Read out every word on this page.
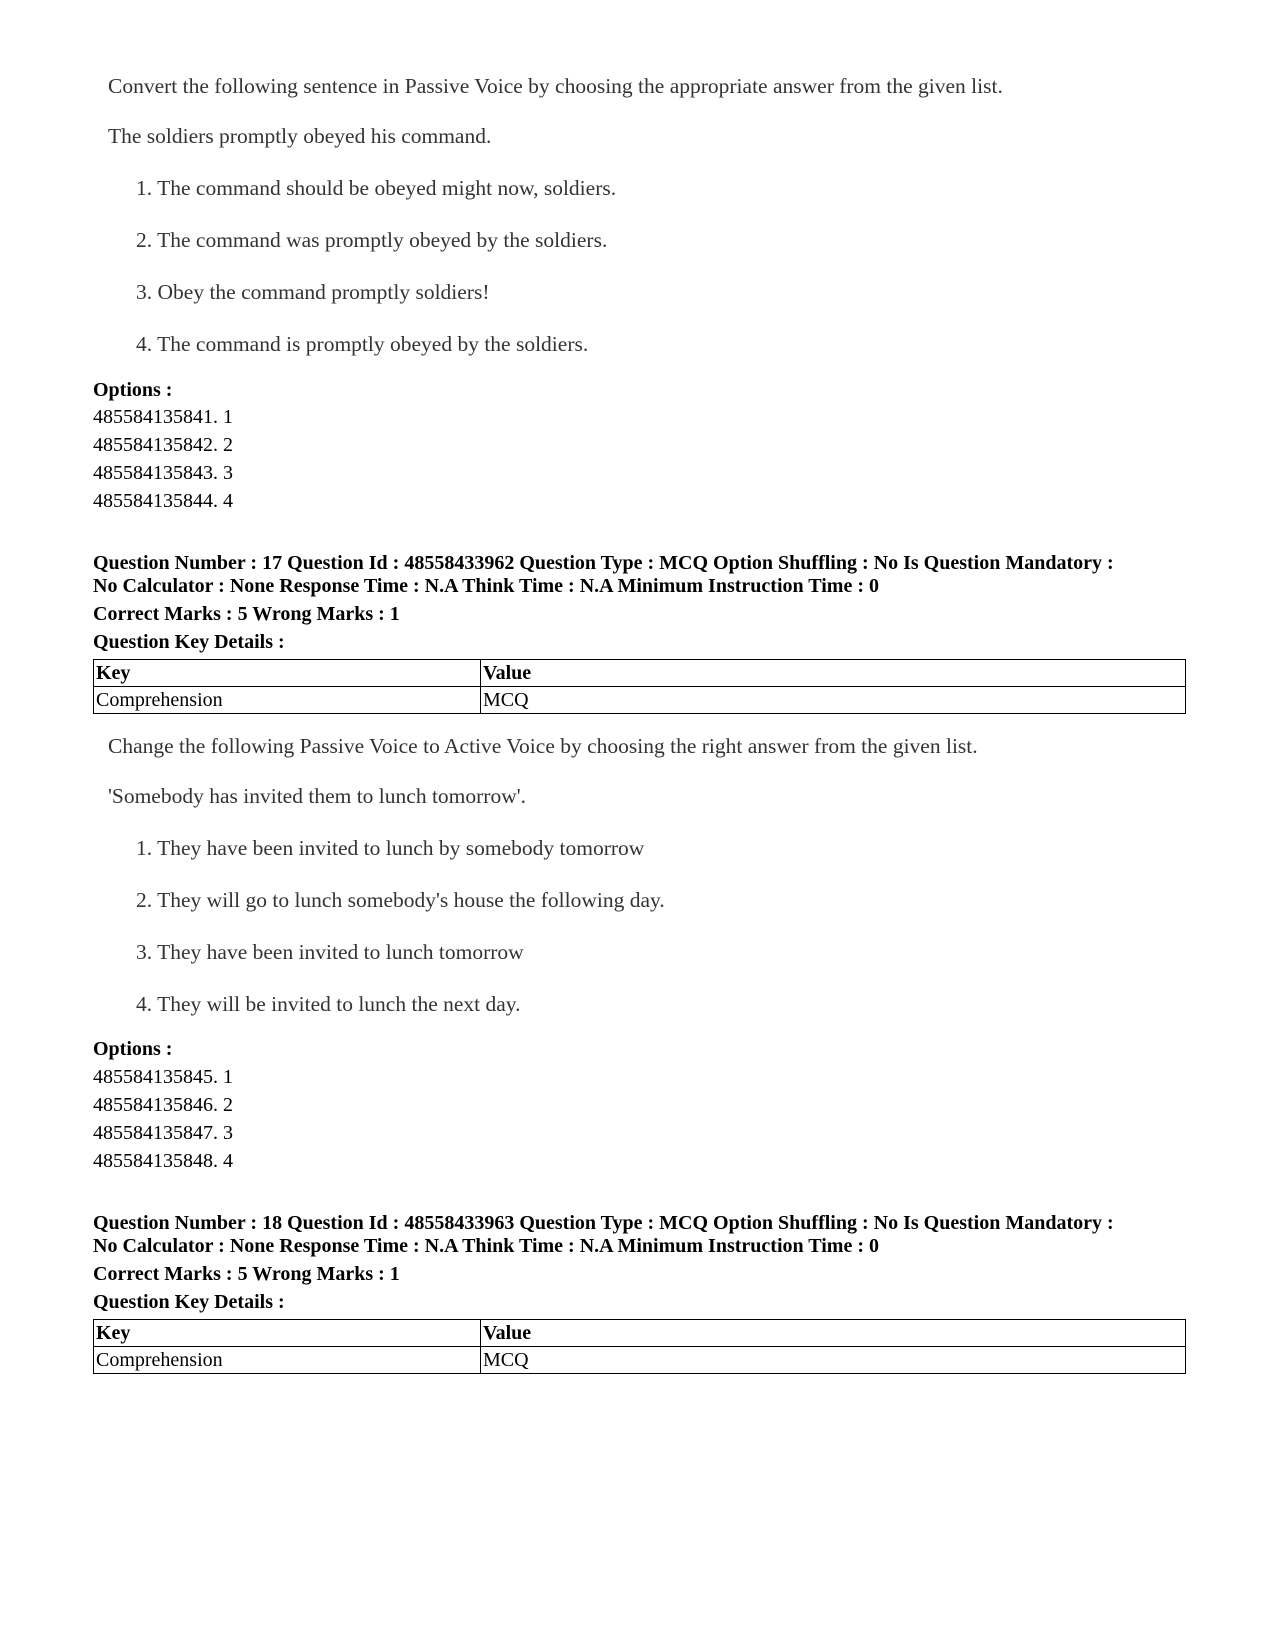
Convert the following sentence in Passive Voice by choosing the appropriate answer from the given list.
The soldiers promptly obeyed his command.
1. The command should be obeyed might now, soldiers.
2. The command was promptly obeyed by the soldiers.
3. Obey the command promptly soldiers!
4. The command is promptly obeyed by the soldiers.
Options :
485584135841. 1
485584135842. 2
485584135843. 3
485584135844. 4
Question Number : 17 Question Id : 48558433962 Question Type : MCQ Option Shuffling : No Is Question Mandatory :
No Calculator : None Response Time : N.A Think Time : N.A Minimum Instruction Time : 0
Correct Marks : 5 Wrong Marks : 1
Question Key Details :
Key	Value
Comprehension	MCQ
Change the following Passive Voice to Active Voice by choosing the right answer from the given list.
'Somebody has invited them to lunch tomorrow'.
1. They have been invited to lunch by somebody tomorrow
2. They will go to lunch somebody's house the following day.
3. They have been invited to lunch tomorrow
4. They will be invited to lunch the next day.
Options :
485584135845. 1
485584135846. 2
485584135847. 3
485584135848. 4
Question Number : 18 Question Id : 48558433963 Question Type : MCQ Option Shuffling : No Is Question Mandatory :
No Calculator : None Response Time : N.A Think Time : N.A Minimum Instruction Time : 0
Correct Marks : 5 Wrong Marks : 1
Question Key Details :
Key	Value
Comprehension	MCQ
